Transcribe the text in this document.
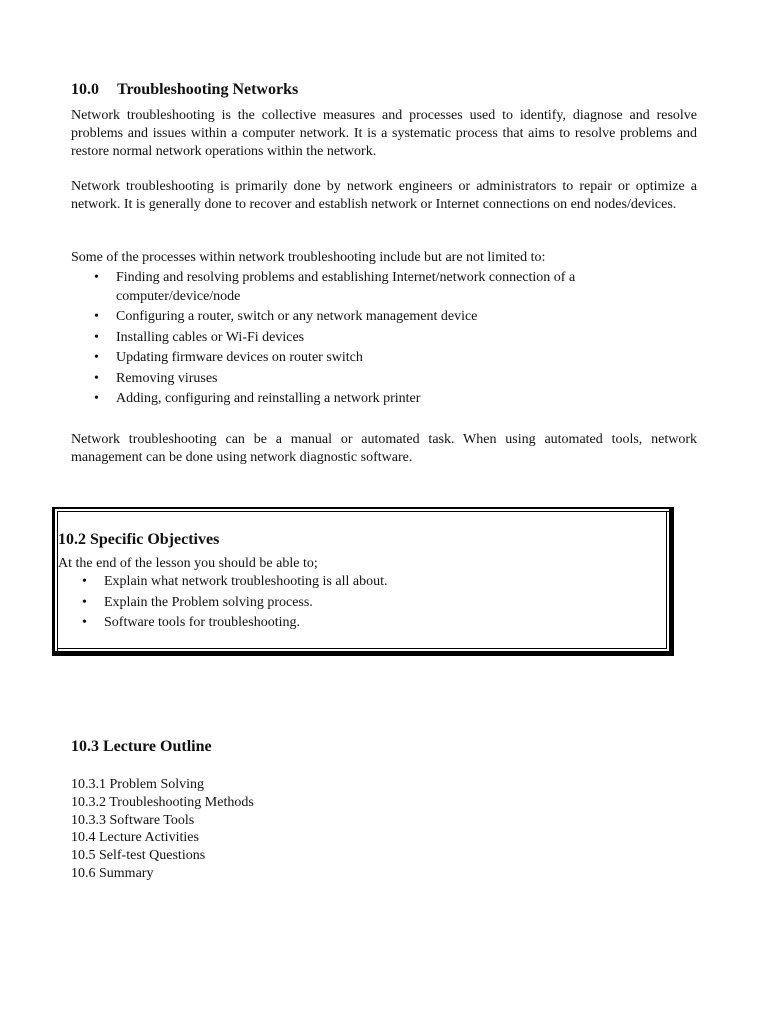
10.0 Troubleshooting Networks

Network troubleshooting is the collective measures and processes used to identify, diagnose and resolve problems and issues within a computer network. It is a systematic process that aims to resolve problems and restore normal network operations within the network.

Network troubleshooting is primarily done by network engineers or administrators to repair or optimize a network. It is generally done to recover and establish network or Internet connections on end nodes/devices.

Some of the processes within network troubleshooting include but are not limited to:

• Finding and resolving problems and establishing Internet/network connection of a computer/device/node
• Configuring a router, switch or any network management device
• Installing cables or Wi-Fi devices
• Updating firmware devices on router switch
• Removing viruses
• Adding, configuring and reinstalling a network printer

Network troubleshooting can be a manual or automated task. When using automated tools, network management can be done using network diagnostic software.

10.2 Specific Objectives
At the end of the lesson you should be able to;
• Explain what network troubleshooting is all about.
• Explain the Problem solving process.
• Software tools for troubleshooting.
10.3 Lecture Outline
10.3.1 Problem Solving
10.3.2 Troubleshooting Methods
10.3.3 Software Tools
10.4 Lecture Activities
10.5 Self-test Questions
10.6 Summary
